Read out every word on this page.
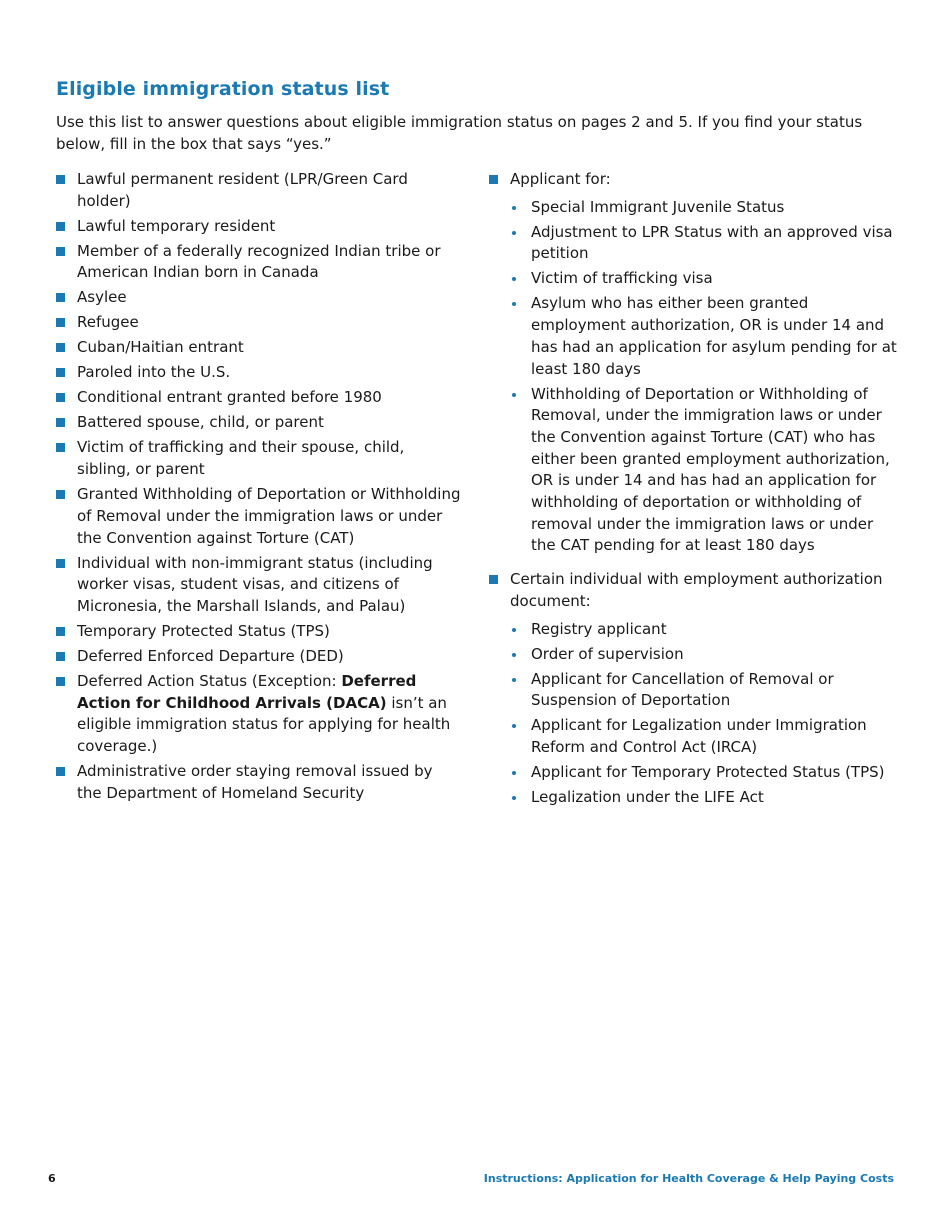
Eligible immigration status list

Use this list to answer questions about eligible immigration status on pages 2 and 5. If you find your status below, fill in the box that says “yes.”

Lawful permanent resident (LPR/Green Card holder)
Lawful temporary resident
Member of a federally recognized Indian tribe or American Indian born in Canada
Asylee
Refugee
Cuban/Haitian entrant
Paroled into the U.S.
Conditional entrant granted before 1980
Battered spouse, child, or parent
Victim of trafficking and their spouse, child, sibling, or parent
Granted Withholding of Deportation or Withholding of Removal under the immigration laws or under the Convention against Torture (CAT)
Individual with non-immigrant status (including worker visas, student visas, and citizens of Micronesia, the Marshall Islands, and Palau)
Temporary Protected Status (TPS)
Deferred Enforced Departure (DED)
Deferred Action Status (Exception: Deferred Action for Childhood Arrivals (DACA) isn’t an eligible immigration status for applying for health coverage.)
Administrative order staying removal issued by the Department of Homeland Security
Applicant for:
Special Immigrant Juvenile Status
Adjustment to LPR Status with an approved visa petition
Victim of trafficking visa
Asylum who has either been granted employment authorization, OR is under 14 and has had an application for asylum pending for at least 180 days
Withholding of Deportation or Withholding of Removal, under the immigration laws or under the Convention against Torture (CAT) who has either been granted employment authorization, OR is under 14 and has had an application for withholding of deportation or withholding of removal under the immigration laws or under the CAT pending for at least 180 days
Certain individual with employment authorization document:
Registry applicant
Order of supervision
Applicant for Cancellation of Removal or Suspension of Deportation
Applicant for Legalization under Immigration Reform and Control Act (IRCA)
Applicant for Temporary Protected Status (TPS)
Legalization under the LIFE Act
6	Instructions: Application for Health Coverage & Help Paying Costs
